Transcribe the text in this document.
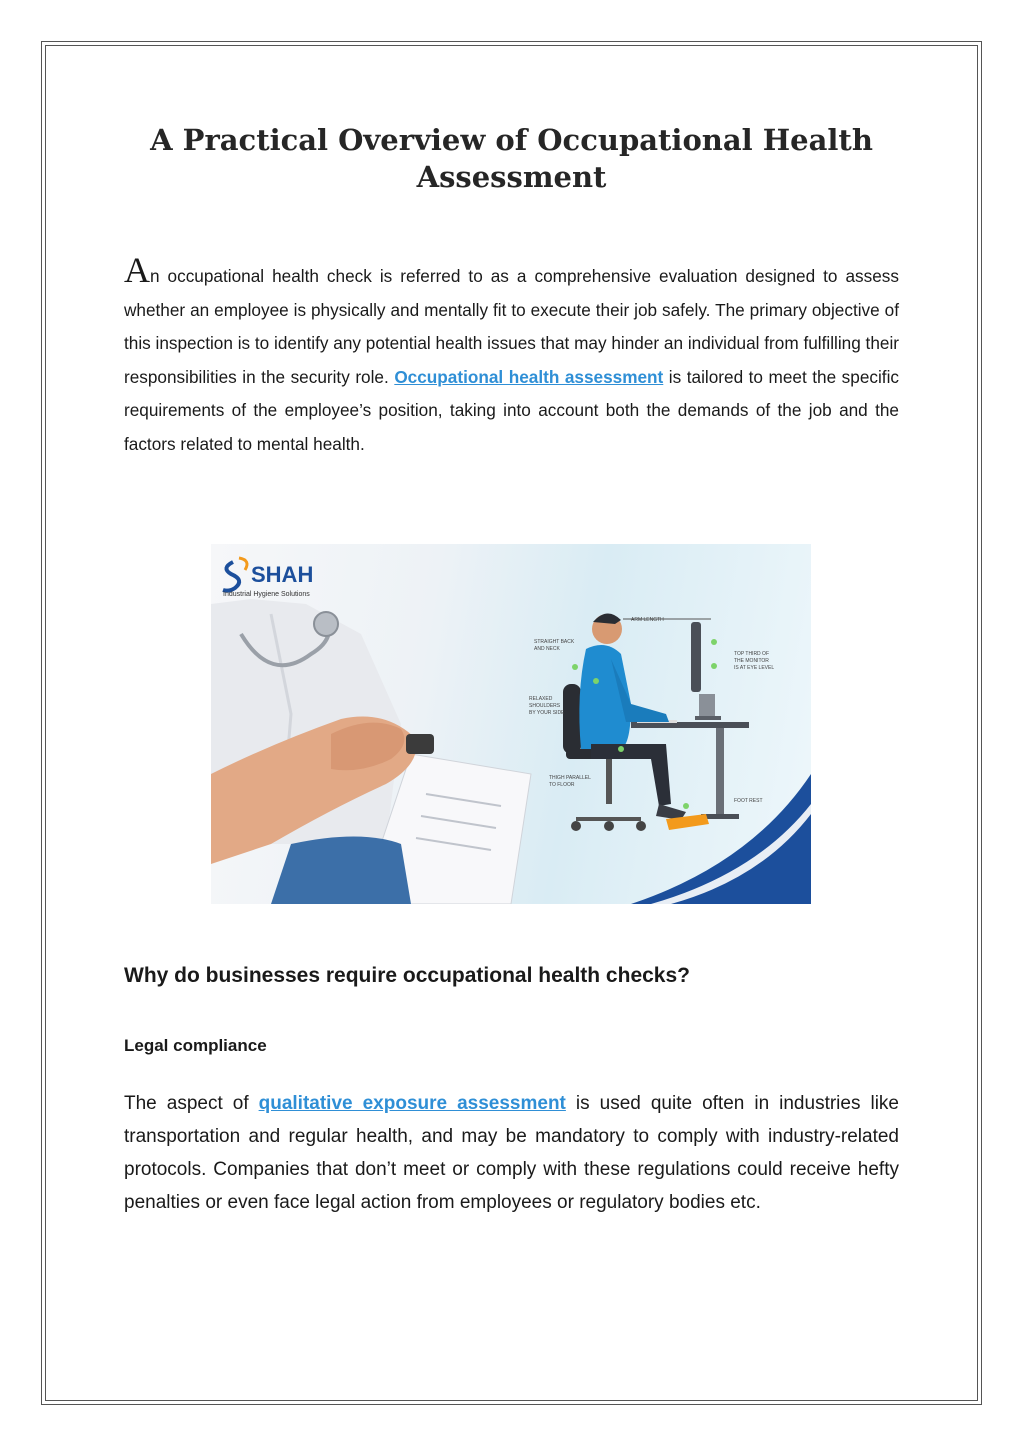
A Practical Overview of Occupational Health Assessment

An occupational health check is referred to as a comprehensive evaluation designed to assess whether an employee is physically and mentally fit to execute their job safely. The primary objective of this inspection is to identify any potential health issues that may hinder an individual from fulfilling their responsibilities in the security role. Occupational health assessment is tailored to meet the specific requirements of the employee’s position, taking into account both the demands of the job and the factors related to mental health.

SHAH
Industrial Hygiene Solutions
ARM LENGTH
STRAIGHT BACK
AND NECK
RELAXED
SHOULDERS
BY YOUR SIDE
THIGH PARALLEL
TO FLOOR
TOP THIRD OF
THE MONITOR
IS AT EYE LEVEL
FOOT REST
Why do businesses require occupational health checks?
Legal compliance

The aspect of qualitative exposure assessment is used quite often in industries like transportation and regular health, and may be mandatory to comply with industry-related protocols. Companies that don’t meet or comply with these regulations could receive hefty penalties or even face legal action from employees or regulatory bodies etc.
